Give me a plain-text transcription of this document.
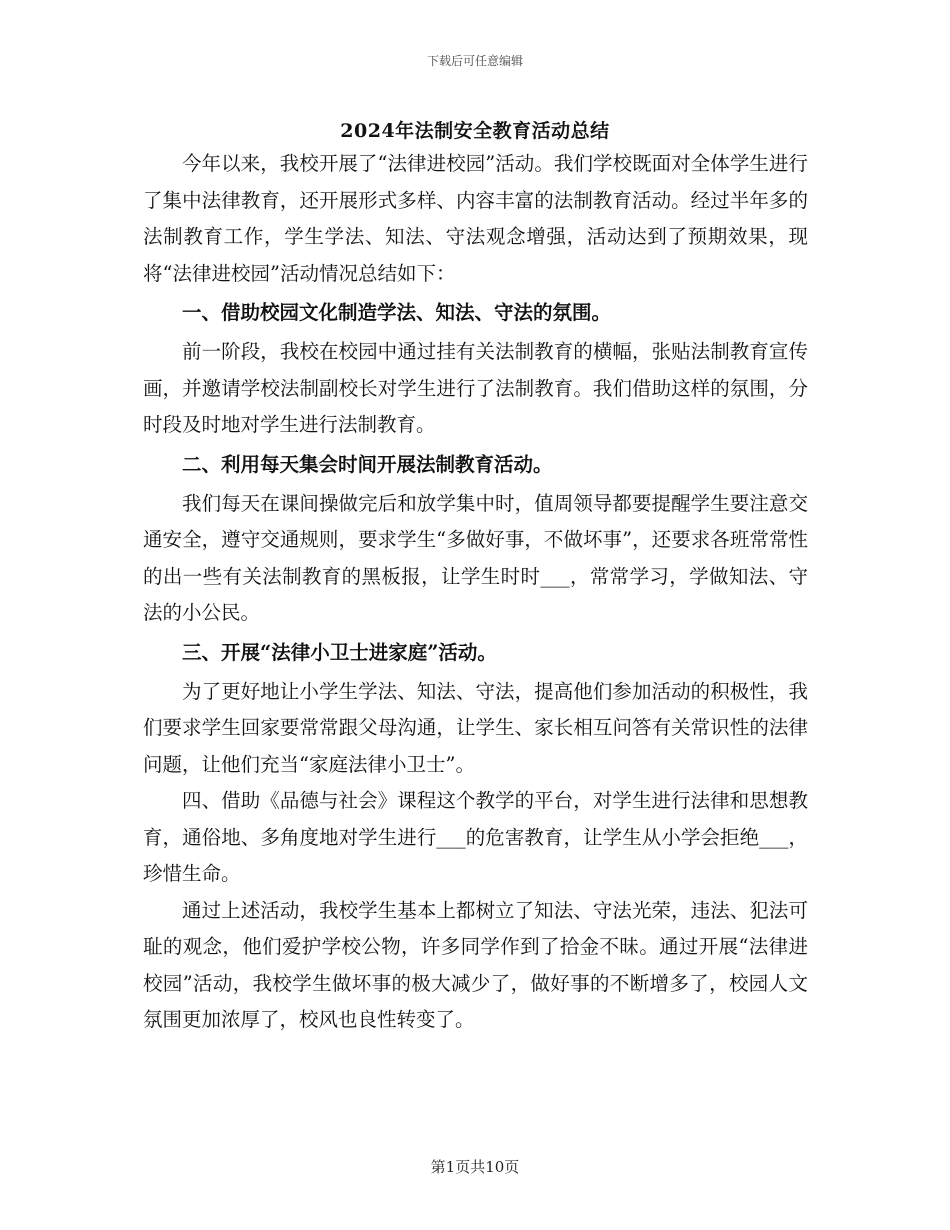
下载后可任意编辑
2024年法制安全教育活动总结

今年以来，我校开展了“法律进校园”活动。我们学校既面对全体学生进行了集中法律教育，还开展形式多样、内容丰富的法制教育活动。经过半年多的法制教育工作，学生学法、知法、守法观念增强，活动达到了预期效果，现将“法律进校园”活动情况总结如下：

一、借助校园文化制造学法、知法、守法的氛围。

前一阶段，我校在校园中通过挂有关法制教育的横幅，张贴法制教育宣传画，并邀请学校法制副校长对学生进行了法制教育。我们借助这样的氛围，分时段及时地对学生进行法制教育。

二、利用每天集会时间开展法制教育活动。

我们每天在课间操做完后和放学集中时，值周领导都要提醒学生要注意交通安全，遵守交通规则，要求学生“多做好事，不做坏事”，还要求各班常常性的出一些有关法制教育的黑板报，让学生时时___，常常学习，学做知法、守法的小公民。

三、开展“法律小卫士进家庭”活动。

为了更好地让小学生学法、知法、守法，提高他们参加活动的积极性，我们要求学生回家要常常跟父母沟通，让学生、家长相互问答有关常识性的法律问题，让他们充当“家庭法律小卫士”。

四、借助《品德与社会》课程这个教学的平台，对学生进行法律和思想教育，通俗地、多角度地对学生进行___的危害教育，让学生从小学会拒绝___，珍惜生命。

通过上述活动，我校学生基本上都树立了知法、守法光荣，违法、犯法可耻的观念，他们爱护学校公物，许多同学作到了拾金不昧。通过开展“法律进校园”活动，我校学生做坏事的极大减少了，做好事的不断增多了，校园人文氛围更加浓厚了，校风也良性转变了。

第1页共10页
